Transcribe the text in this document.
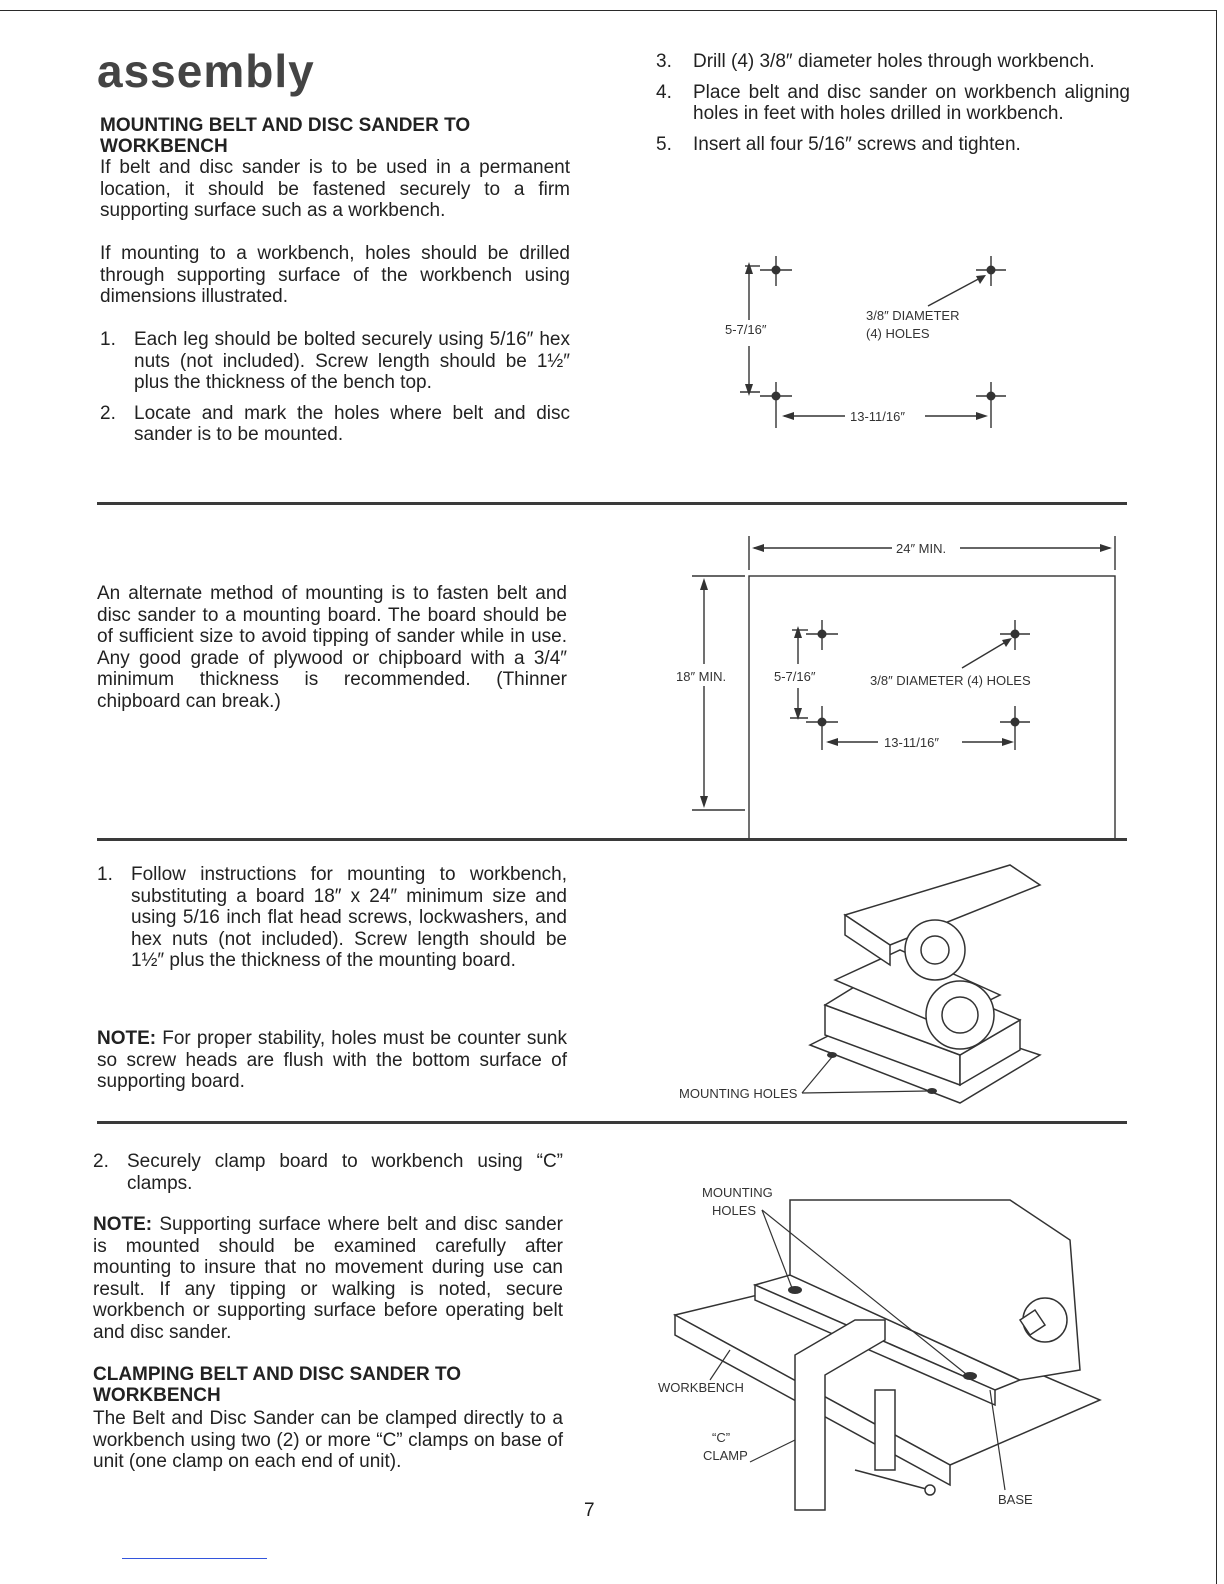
assembly
MOUNTING BELT AND DISC SANDER TO WORKBENCH
If belt and disc sander is to be used in a permanent location, it should be fastened securely to a firm supporting surface such as a workbench.
If mounting to a workbench, holes should be drilled through supporting surface of the workbench using dimensions illustrated.
1. Each leg should be bolted securely using 5/16″ hex nuts (not included). Screw length should be 1½″ plus the thickness of the bench top.
2. Locate and mark the holes where belt and disc sander is to be mounted.
3.	Drill (4) 3/8″ diameter holes through workbench.
4.	Place belt and disc sander on workbench aligning holes in feet with holes drilled in workbench.
5.	Insert all four 5/16″ screws and tighten.
5-7/16″
13-11/16″
3/8″ DIAMETER
(4) HOLES
An alternate method of mounting is to fasten belt and disc sander to a mounting board. The board should be of sufficient size to avoid tipping of sander while in use. Any good grade of plywood or chipboard with a 3/4″ minimum thickness is recommended. (Thinner chipboard can break.)
24″ MIN.
18″ MIN.	5-7/16″
13-11/16″
3/8″ DIAMETER (4) HOLES
1. Follow instructions for mounting to workbench, substituting a board 18″ x 24″ minimum size and using 5/16 inch flat head screws, lockwashers, and hex nuts (not included). Screw length should be 1½″ plus the thickness of the mounting board.
NOTE: For proper stability, holes must be counter sunk so screw heads are flush with the bottom surface of supporting board.
MOUNTING HOLES
2. Securely clamp board to workbench using “C” clamps.
NOTE: Supporting surface where belt and disc sander is mounted should be examined carefully after mounting to insure that no movement during use can result. If any tipping or walking is noted, secure workbench or supporting surface before operating belt and disc sander.
CLAMPING BELT AND DISC SANDER TO WORKBENCH
The Belt and Disc Sander can be clamped directly to a workbench using two (2) or more “C” clamps on base of unit (one clamp on each end of unit).
MOUNTING
HOLES
WORKBENCH
“C”
CLAMP
BASE
7
